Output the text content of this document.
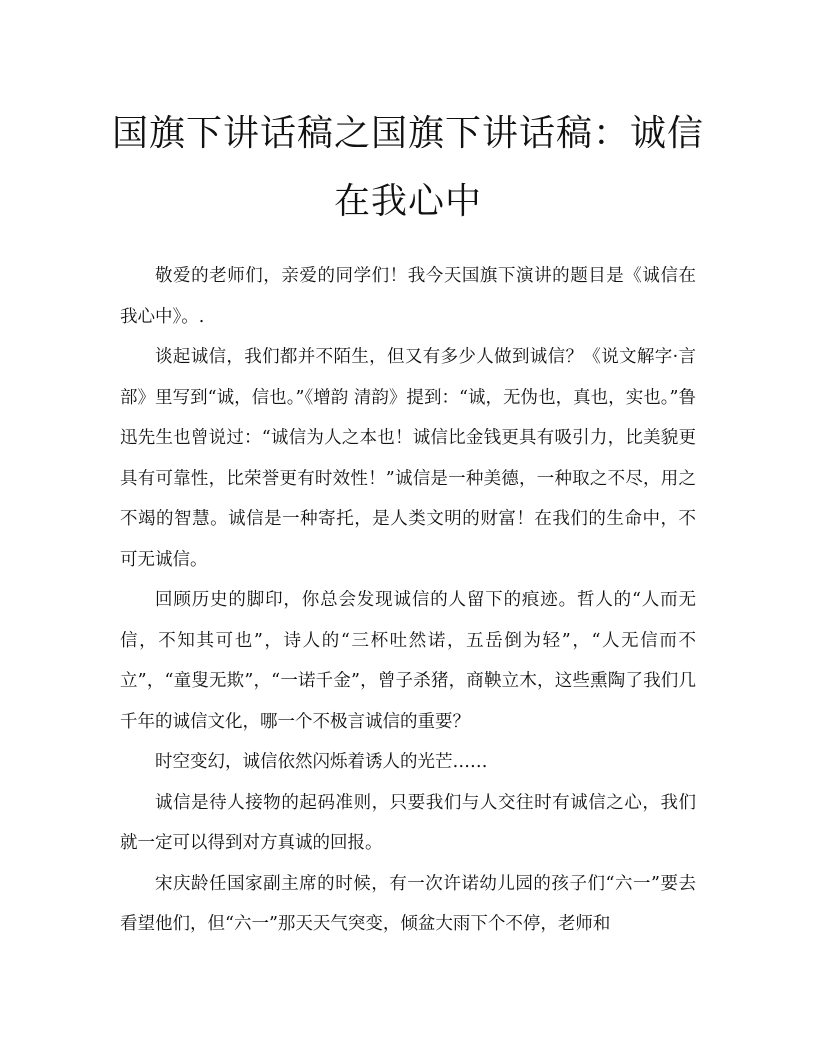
国旗下讲话稿之国旗下讲话稿：诚信在我心中

敬爱的老师们，亲爱的同学们！我今天国旗下演讲的题目是《诚信在我心中》。.

谈起诚信，我们都并不陌生，但又有多少人做到诚信？《说文解字·言部》里写到“诚，信也。”《增韵 清韵》提到：“诚，无伪也，真也，实也。”鲁迅先生也曾说过：“诚信为人之本也！诚信比金钱更具有吸引力，比美貌更具有可靠性，比荣誉更有时效性！”诚信是一种美德，一种取之不尽，用之不竭的智慧。诚信是一种寄托，是人类文明的财富！在我们的生命中，不可无诚信。

回顾历史的脚印，你总会发现诚信的人留下的痕迹。哲人的“人而无信，不知其可也”，诗人的“三杯吐然诺，五岳倒为轻”，“人无信而不立”，“童叟无欺”，“一诺千金”，曾子杀猪，商鞅立木，这些熏陶了我们几千年的诚信文化，哪一个不极言诚信的重要？

时空变幻，诚信依然闪烁着诱人的光芒……

诚信是待人接物的起码准则，只要我们与人交往时有诚信之心，我们就一定可以得到对方真诚的回报。

宋庆龄任国家副主席的时候，有一次许诺幼儿园的孩子们“六一”要去看望他们，但“六一”那天天气突变，倾盆大雨下个不停，老师和
